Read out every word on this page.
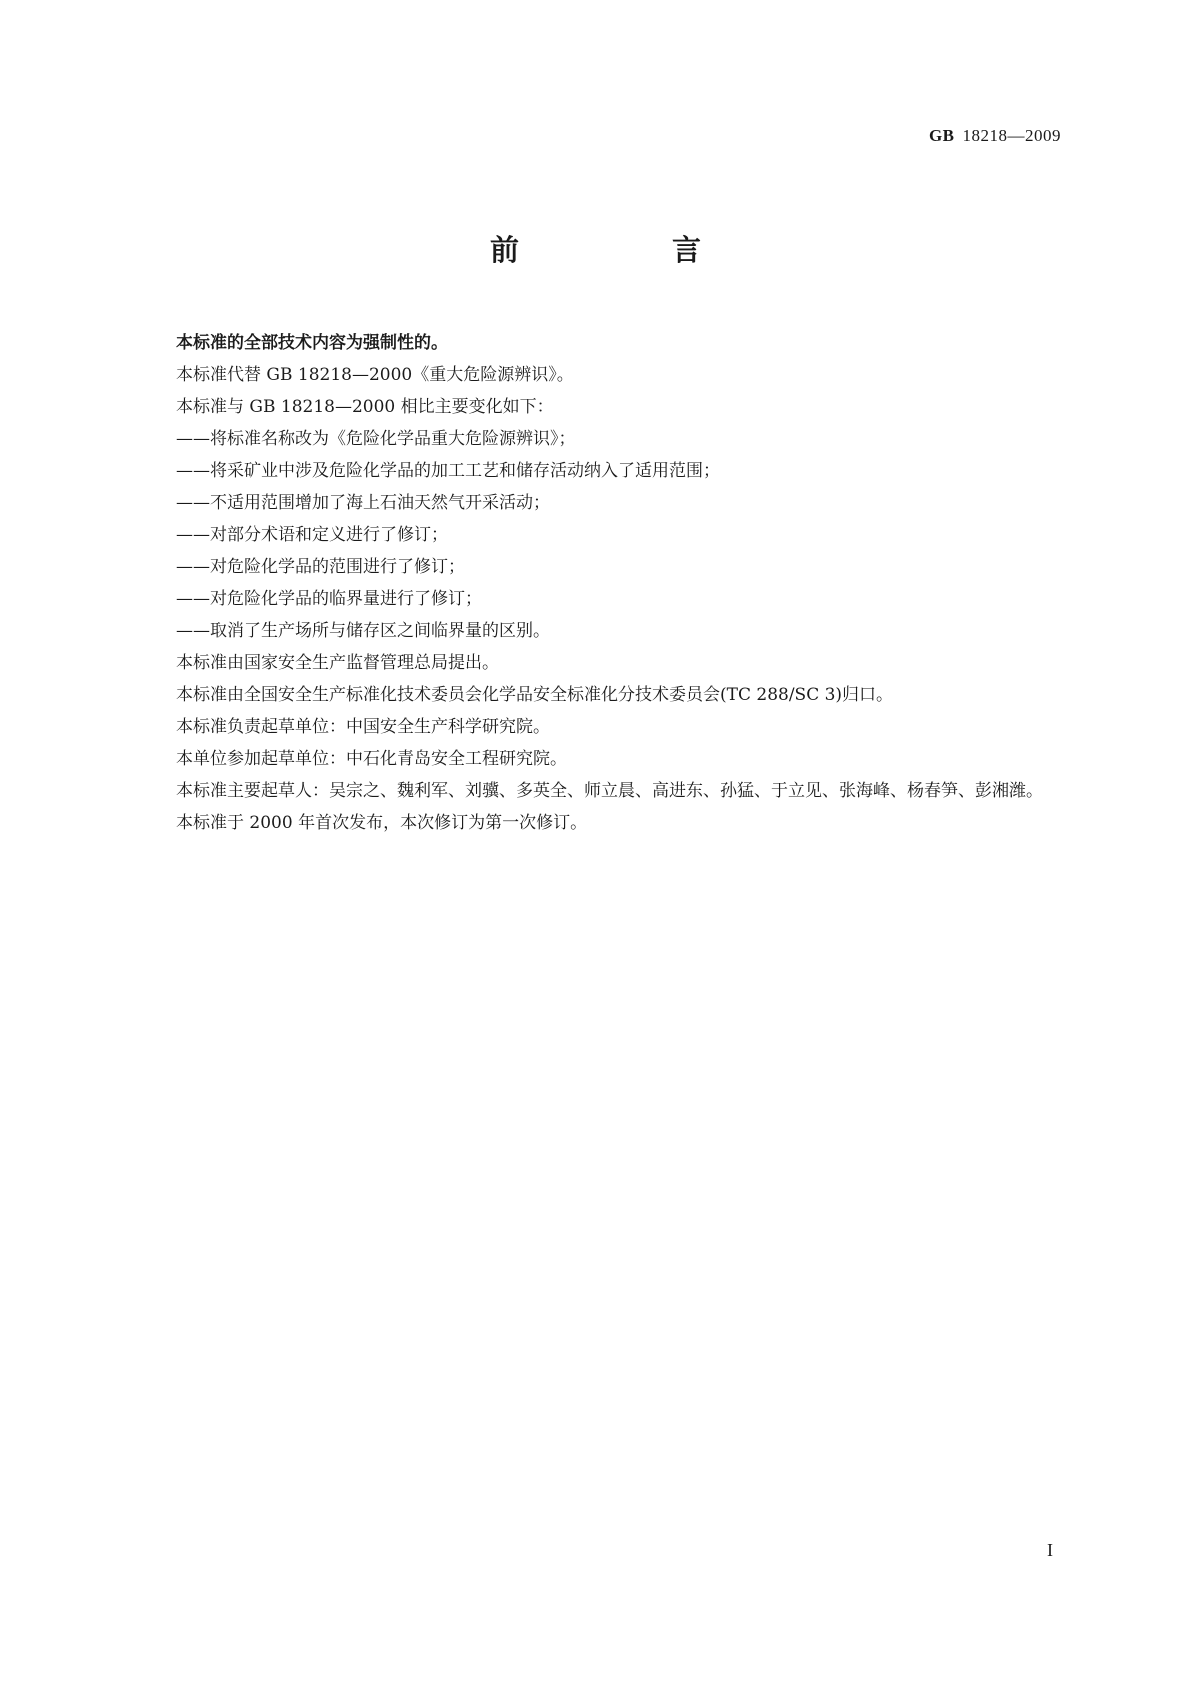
GB 18218—2009
前　言

本标准的全部技术内容为强制性的。

本标准代替 GB 18218—2000《重大危险源辨识》。

本标准与 GB 18218—2000 相比主要变化如下：

——将标准名称改为《危险化学品重大危险源辨识》；

——将采矿业中涉及危险化学品的加工工艺和储存活动纳入了适用范围；

——不适用范围增加了海上石油天然气开采活动；

——对部分术语和定义进行了修订；

——对危险化学品的范围进行了修订；

——对危险化学品的临界量进行了修订；

——取消了生产场所与储存区之间临界量的区别。

本标准由国家安全生产监督管理总局提出。

本标准由全国安全生产标准化技术委员会化学品安全标准化分技术委员会(TC 288/SC 3)归口。

本标准负责起草单位：中国安全生产科学研究院。

本单位参加起草单位：中石化青岛安全工程研究院。

本标准主要起草人：吴宗之、魏利军、刘骥、多英全、师立晨、高进东、孙猛、于立见、张海峰、杨春笋、彭湘潍。

本标准于 2000 年首次发布，本次修订为第一次修订。

I
